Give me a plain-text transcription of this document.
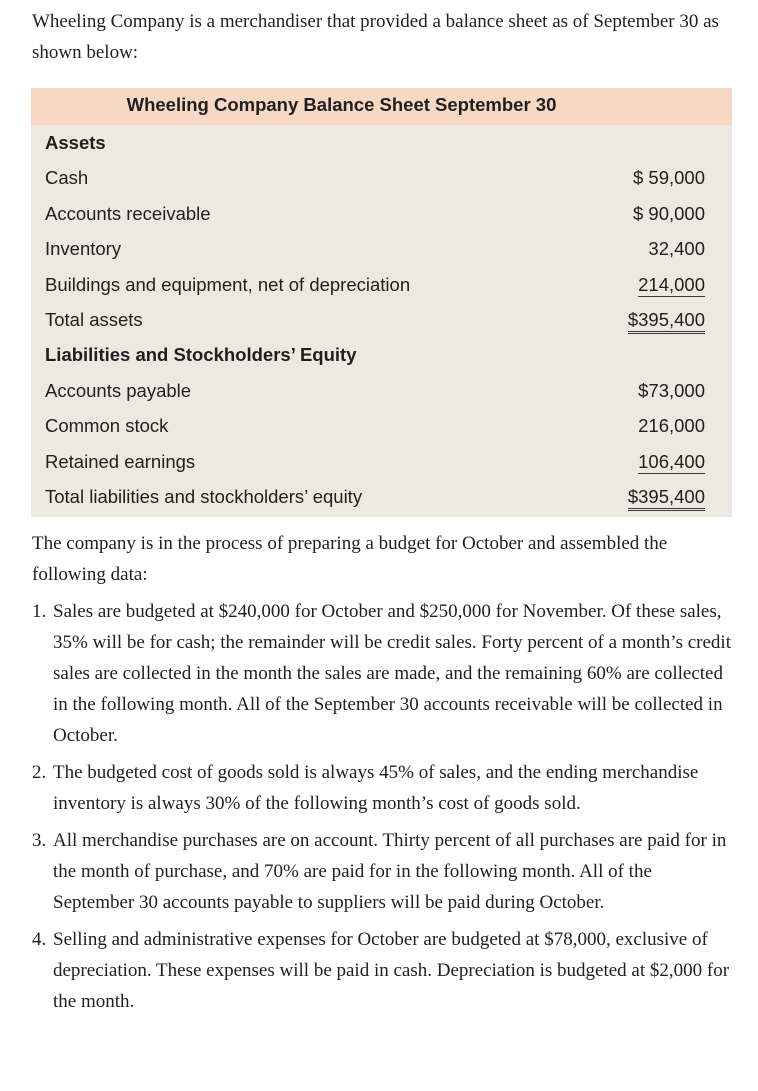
Wheeling Company is a merchandiser that provided a balance sheet as of September 30 as shown below:
Wheeling Company Balance Sheet September 30
Assets
Cash	$ 59,000
Accounts receivable	$ 90,000
Inventory	32,400
Buildings and equipment, net of depreciation	214,000
Total assets	$395,400
Liabilities and Stockholders’ Equity
Accounts payable	$73,000
Common stock	216,000
Retained earnings	106,400
Total liabilities and stockholders’ equity	$395,400

The company is in the process of preparing a budget for October and assembled the following data:

1. Sales are budgeted at $240,000 for October and $250,000 for November. Of these sales, 35% will be for cash; the remainder will be credit sales. Forty percent of a month’s credit sales are collected in the month the sales are made, and the remaining 60% are collected in the following month. All of the September 30 accounts receivable will be collected in October.
2. The budgeted cost of goods sold is always 45% of sales, and the ending merchandise inventory is always 30% of the following month’s cost of goods sold.
3. All merchandise purchases are on account. Thirty percent of all purchases are paid for in the month of purchase, and 70% are paid for in the following month. All of the September 30 accounts payable to suppliers will be paid during October.
4. Selling and administrative expenses for October are budgeted at $78,000, exclusive of depreciation. These expenses will be paid in cash. Depreciation is budgeted at $2,000 for the month.
